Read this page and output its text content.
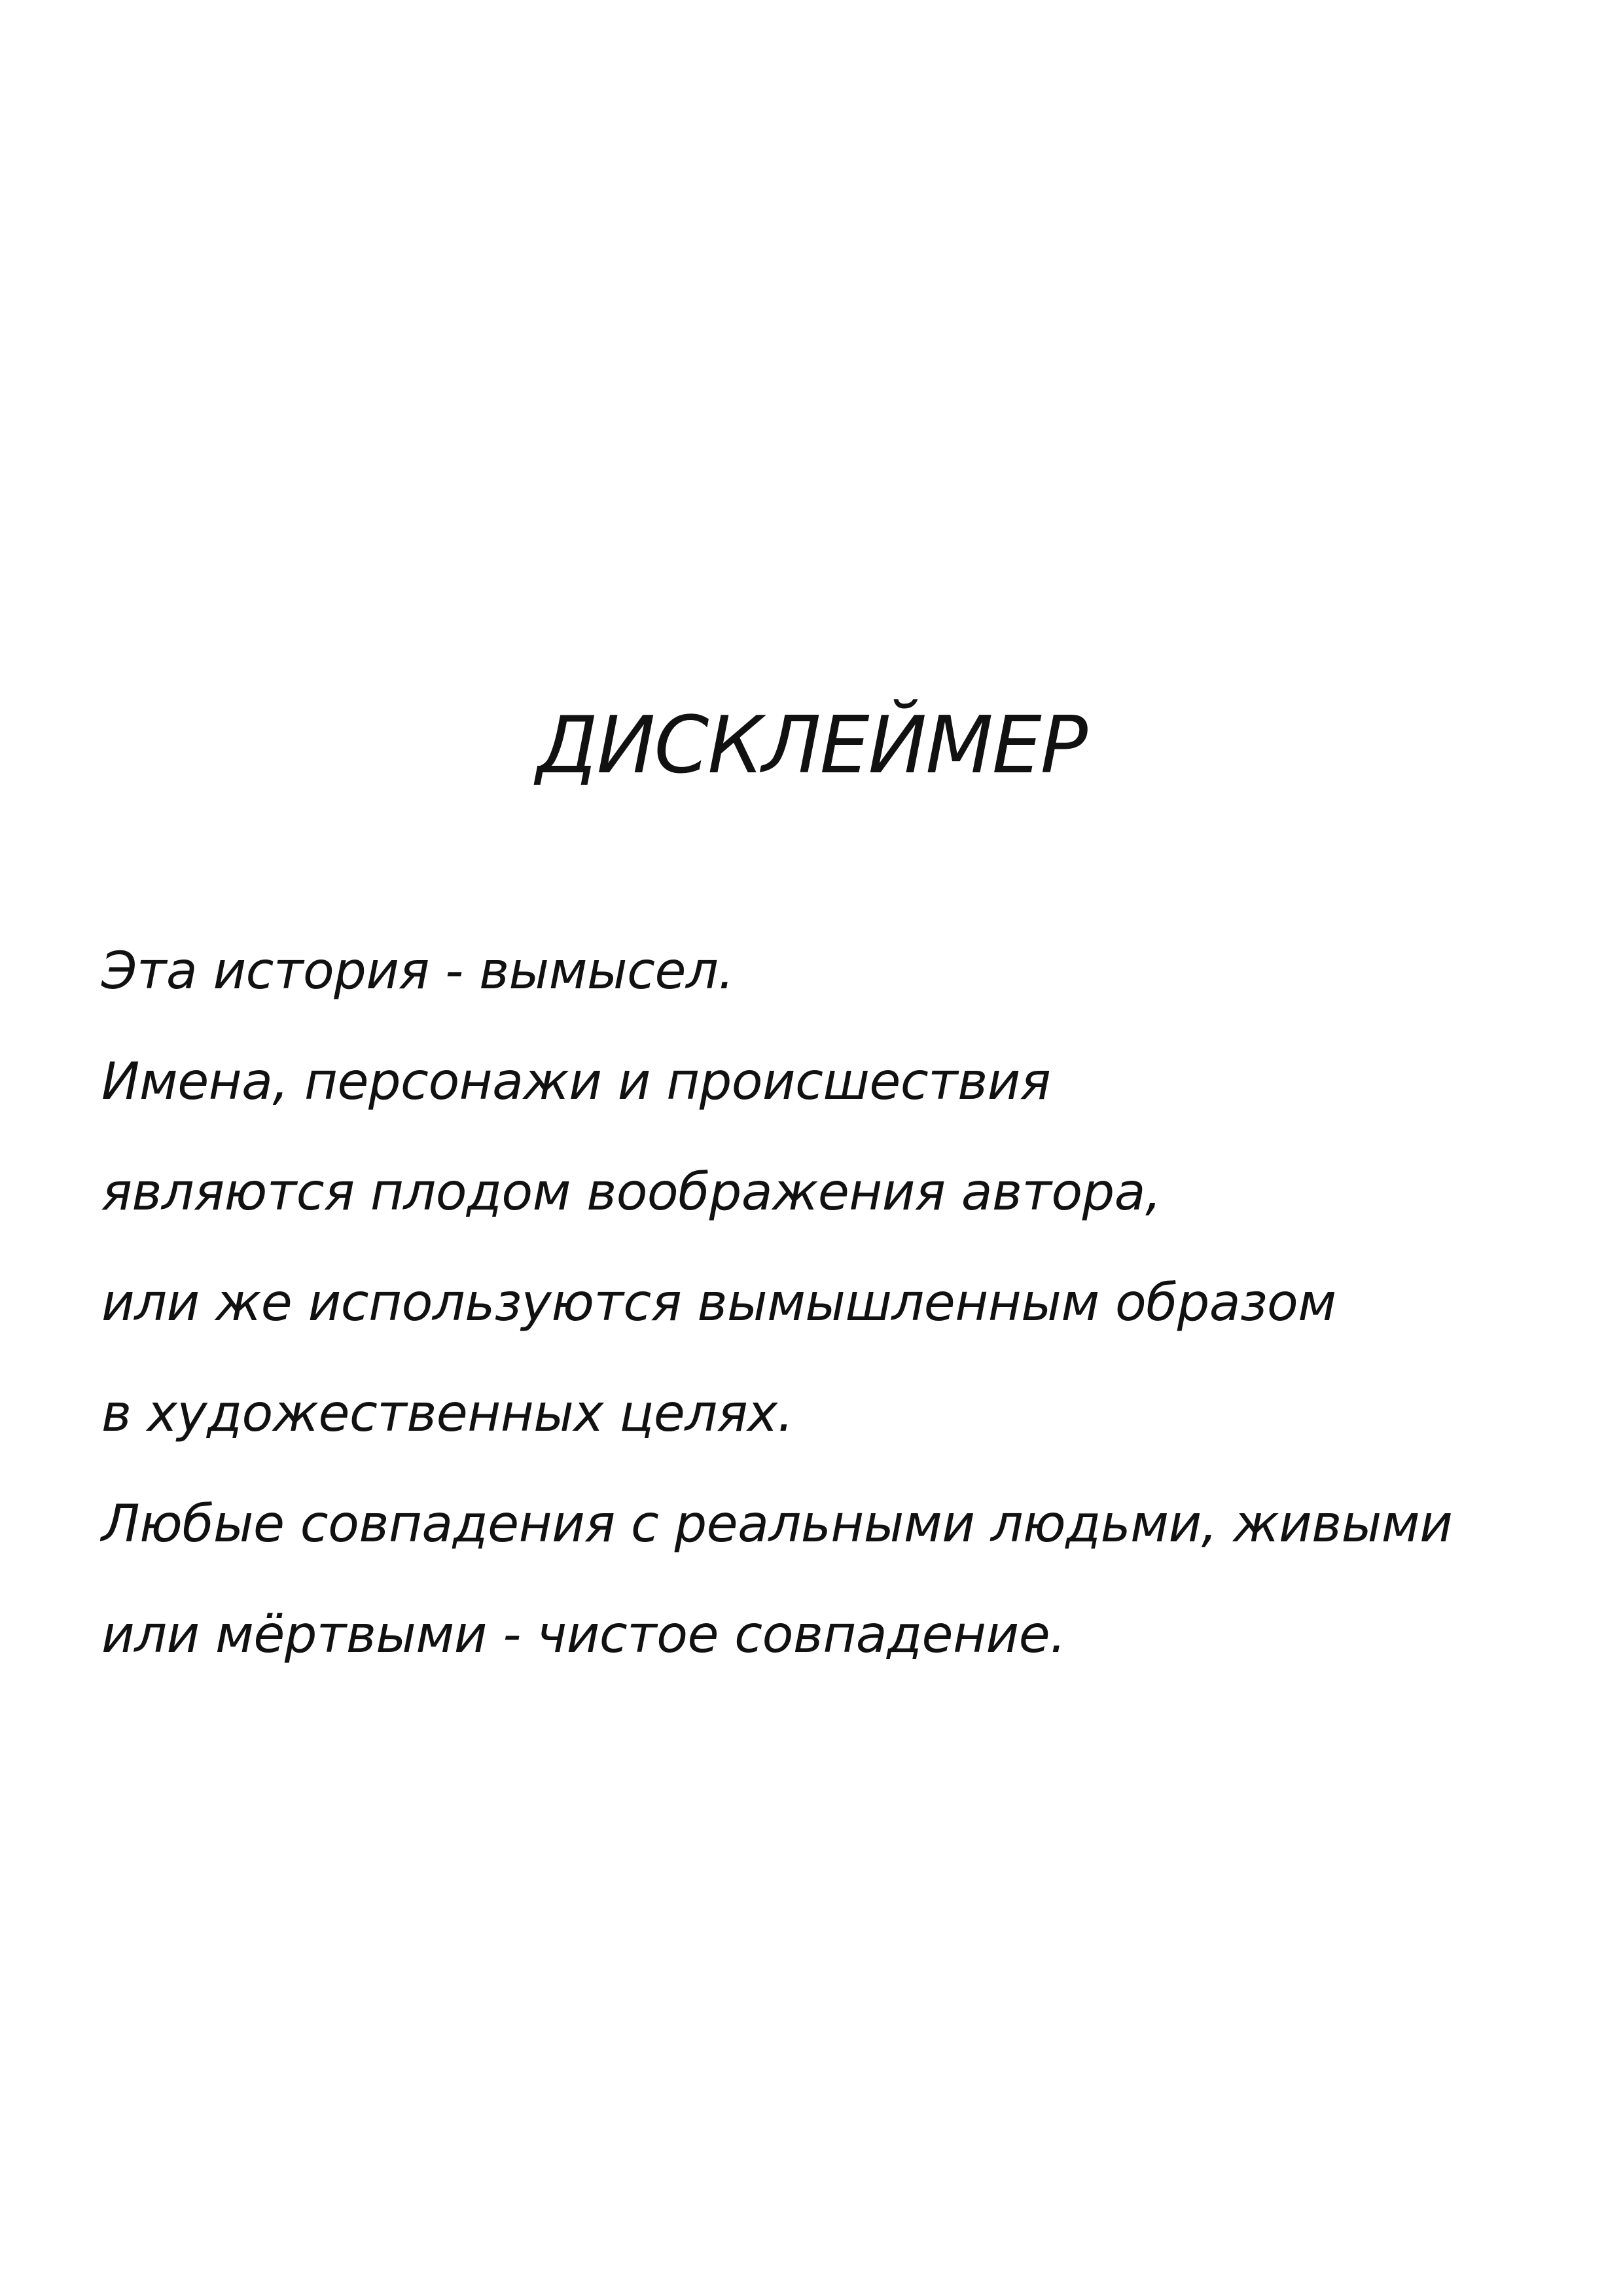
ДИСКЛЕЙМЕР
Эта история - вымысел.
Имена, персонажи и происшествия
являются плодом воображения автора,
или же используются вымышленным образом
в художественных целях.
Любые совпадения с реальными людьми, живыми
или мёртвыми - чистое совпадение.
